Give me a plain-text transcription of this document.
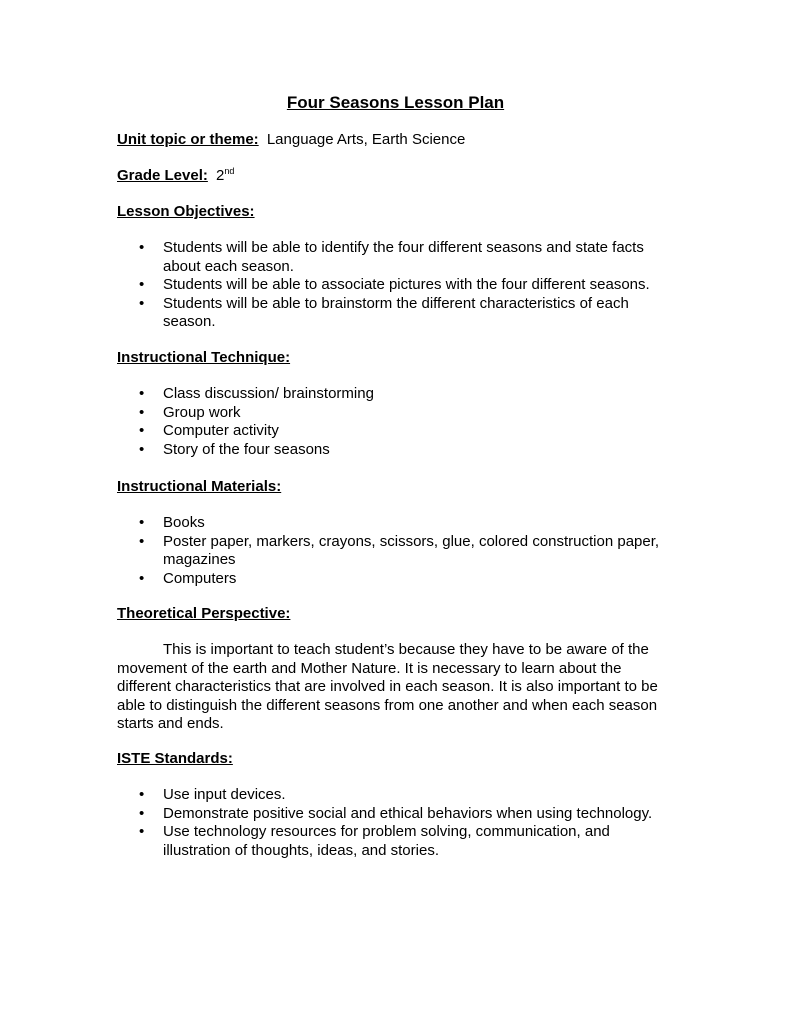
Four Seasons Lesson Plan
Unit topic or theme: Language Arts, Earth Science
Grade Level: 2nd
Lesson Objectives:
• Students will be able to identify the four different seasons and state facts about each season.
• Students will be able to associate pictures with the four different seasons.
• Students will be able to brainstorm the different characteristics of each season.
Instructional Technique:
• Class discussion/ brainstorming
• Group work
• Computer activity
• Story of the four seasons
Instructional Materials:
• Books
• Poster paper, markers, crayons, scissors, glue, colored construction paper, magazines
• Computers
Theoretical Perspective:
This is important to teach student’s because they have to be aware of the movement of the earth and Mother Nature. It is necessary to learn about the different characteristics that are involved in each season. It is also important to be able to distinguish the different seasons from one another and when each season starts and ends.
ISTE Standards:
• Use input devices.
• Demonstrate positive social and ethical behaviors when using technology.
• Use technology resources for problem solving, communication, and illustration of thoughts, ideas, and stories.
